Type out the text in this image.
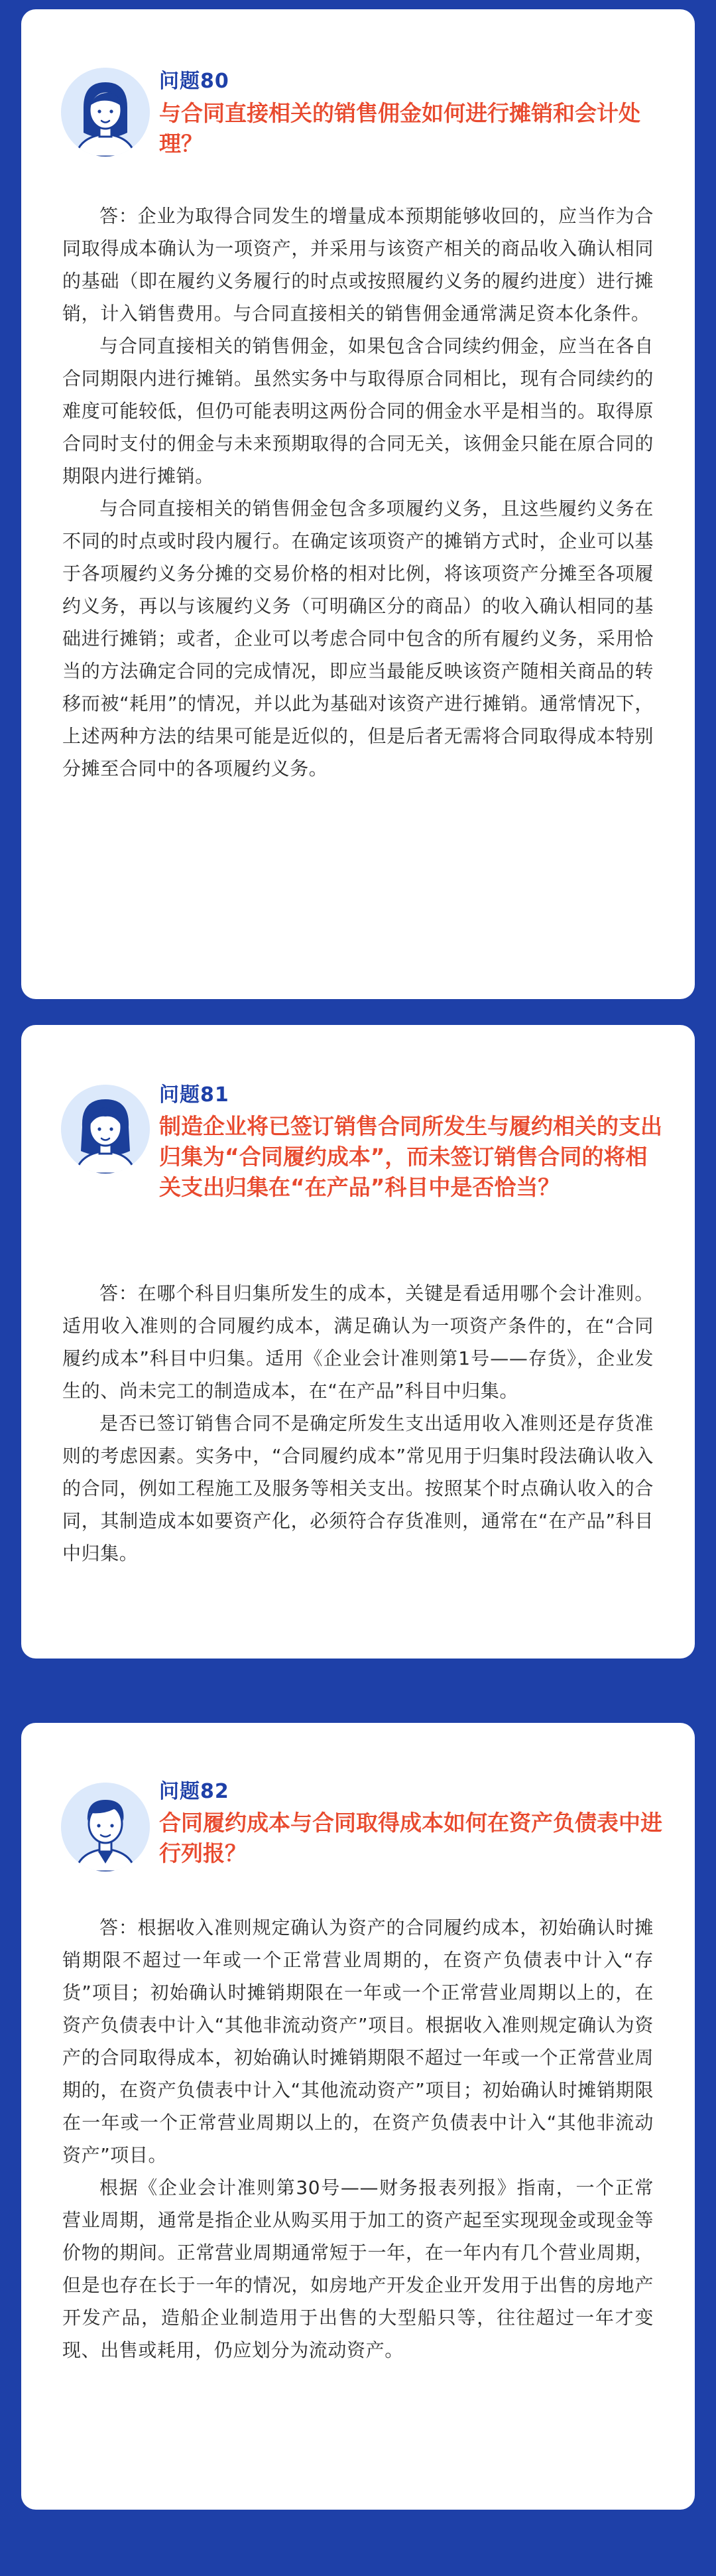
问题80
与合同直接相关的销售佣金如何进行摊销和会计处理？

答：企业为取得合同发生的增量成本预期能够收回的，应当作为合同取得成本确认为一项资产，并采用与该资产相关的商品收入确认相同的基础（即在履约义务履行的时点或按照履约义务的履约进度）进行摊销，计入销售费用。与合同直接相关的销售佣金通常满足资本化条件。

与合同直接相关的销售佣金，如果包含合同续约佣金，应当在各自合同期限内进行摊销。虽然实务中与取得原合同相比，现有合同续约的难度可能较低，但仍可能表明这两份合同的佣金水平是相当的。取得原合同时支付的佣金与未来预期取得的合同无关，该佣金只能在原合同的期限内进行摊销。

与合同直接相关的销售佣金包含多项履约义务，且这些履约义务在不同的时点或时段内履行。在确定该项资产的摊销方式时，企业可以基于各项履约义务分摊的交易价格的相对比例，将该项资产分摊至各项履约义务，再以与该履约义务（可明确区分的商品）的收入确认相同的基础进行摊销；或者，企业可以考虑合同中包含的所有履约义务，采用恰当的方法确定合同的完成情况，即应当最能反映该资产随相关商品的转移而被“耗用”的情况，并以此为基础对该资产进行摊销。通常情况下，上述两种方法的结果可能是近似的，但是后者无需将合同取得成本特别分摊至合同中的各项履约义务。

问题81
制造企业将已签订销售合同所发生与履约相关的支出归集为“合同履约成本”，而未签订销售合同的将相关支出归集在“在产品”科目中是否恰当？

答：在哪个科目归集所发生的成本，关键是看适用哪个会计准则。适用收入准则的合同履约成本，满足确认为一项资产条件的，在“合同履约成本”科目中归集。适用《企业会计准则第1号——存货》，企业发生的、尚未完工的制造成本，在“在产品”科目中归集。

是否已签订销售合同不是确定所发生支出适用收入准则还是存货准则的考虑因素。实务中，“合同履约成本”常见用于归集时段法确认收入的合同，例如工程施工及服务等相关支出。按照某个时点确认收入的合同，其制造成本如要资产化，必须符合存货准则，通常在“在产品”科目中归集。

问题82
合同履约成本与合同取得成本如何在资产负债表中进行列报？

答：根据收入准则规定确认为资产的合同履约成本，初始确认时摊销期限不超过一年或一个正常营业周期的，在资产负债表中计入“存货”项目；初始确认时摊销期限在一年或一个正常营业周期以上的，在资产负债表中计入“其他非流动资产”项目。根据收入准则规定确认为资产的合同取得成本，初始确认时摊销期限不超过一年或一个正常营业周期的，在资产负债表中计入“其他流动资产”项目；初始确认时摊销期限在一年或一个正常营业周期以上的，在资产负债表中计入“其他非流动资产”项目。

根据《企业会计准则第30号——财务报表列报》指南，一个正常营业周期，通常是指企业从购买用于加工的资产起至实现现金或现金等价物的期间。正常营业周期通常短于一年，在一年内有几个营业周期，但是也存在长于一年的情况，如房地产开发企业开发用于出售的房地产开发产品，造船企业制造用于出售的大型船只等，往往超过一年才变现、出售或耗用，仍应划分为流动资产。
